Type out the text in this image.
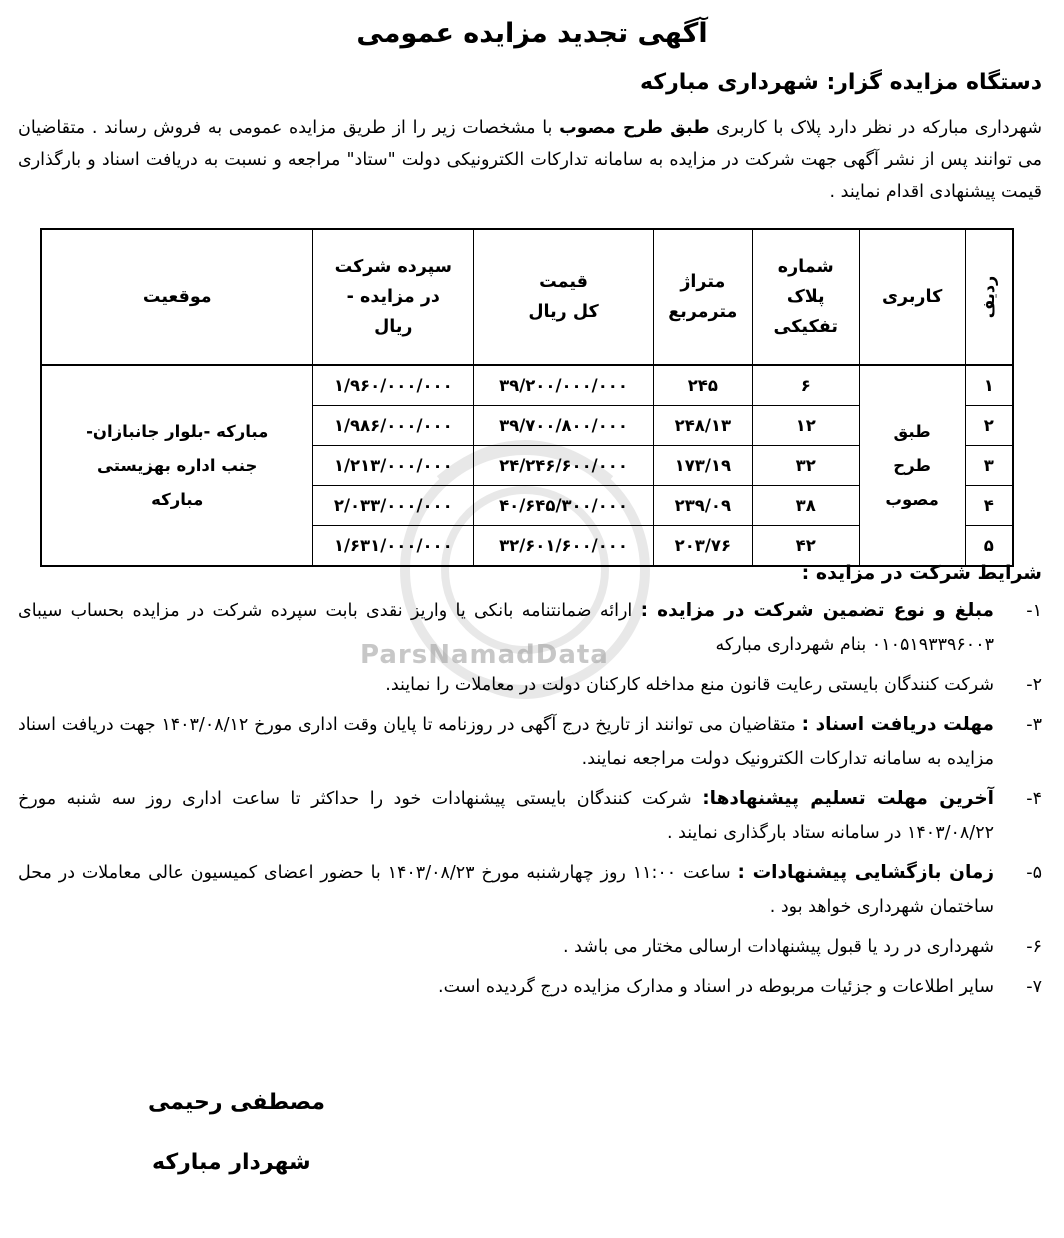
ParsNamadData
آگهی تجدید مزایده عمومی
دستگاه مزایده گزار: شهرداری مبارکه
شهرداری مبارکه در نظر دارد پلاک با کاربری طبق طرح مصوب با مشخصات زیر را از طریق مزایده عمومی به فروش رساند . متقاضیان می توانند پس از نشر آگهی جهت شرکت در مزایده به سامانه تدارکات الکترونیکی دولت "ستاد" مراجعه و نسبت به دریافت اسناد و بارگذاری قیمت پیشنهادی اقدام نمایند .
ردیف	کاربری	شماره پلاک تفکیکی	متراژ مترمربع	قیمت کل ریال	سپرده شرکت در مزایده - ریال	موقعیت
۱	طبق طرح مصوب	۶	۲۴۵	۳۹/۲۰۰/۰۰۰/۰۰۰	۱/۹۶۰/۰۰۰/۰۰۰	مبارکه -بلوار جانبازان-جنب اداره بهزیستی مبارکه
۲		۱۲	۲۴۸/۱۳	۳۹/۷۰۰/۸۰۰/۰۰۰	۱/۹۸۶/۰۰۰/۰۰۰	
۳		۳۲	۱۷۳/۱۹	۲۴/۲۴۶/۶۰۰/۰۰۰	۱/۲۱۳/۰۰۰/۰۰۰	
۴		۳۸	۲۳۹/۰۹	۴۰/۶۴۵/۳۰۰/۰۰۰	۲/۰۳۳/۰۰۰/۰۰۰	
۵		۴۲	۲۰۳/۷۶	۳۲/۶۰۱/۶۰۰/۰۰۰	۱/۶۳۱/۰۰۰/۰۰۰	
شرایط شرکت در مزایده :
۱-
مبلغ و نوع تضمین شرکت در مزایده : ارائه ضمانتنامه بانکی یا واریز نقدی بابت سپرده شرکت در مزایده بحساب سیبای ۰۱۰۵۱۹۳۳۹۶۰۰۳ بنام شهرداری مبارکه
۲-
شرکت کنندگان بایستی رعایت قانون منع مداخله کارکنان دولت در معاملات را نمایند.
۳-
مهلت دریافت اسناد : متقاضیان می توانند از تاریخ درج آگهی در روزنامه تا پایان وقت اداری مورخ ۱۴۰۳/۰۸/۱۲ جهت دریافت اسناد مزایده به سامانه تدارکات الکترونیک دولت مراجعه نمایند.
۴-
آخرین مهلت تسلیم پیشنهادها: شرکت کنندگان بایستی پیشنهادات خود را حداکثر تا ساعت اداری روز سه شنبه مورخ ۱۴۰۳/۰۸/۲۲ در سامانه ستاد بارگذاری نمایند .
۵-
زمان بازگشایی پیشنهادات : ساعت ۱۱:۰۰ روز چهارشنبه مورخ ۱۴۰۳/۰۸/۲۳ با حضور اعضای کمیسیون عالی معاملات در محل ساختمان شهرداری خواهد بود .
۶-
شهرداری در رد یا قبول پیشنهادات ارسالی مختار می باشد .
۷-
سایر اطلاعات و جزئیات مربوطه در اسناد و مدارک مزایده درج گردیده است.
مصطفی رحیمی
شهردار مبارکه
